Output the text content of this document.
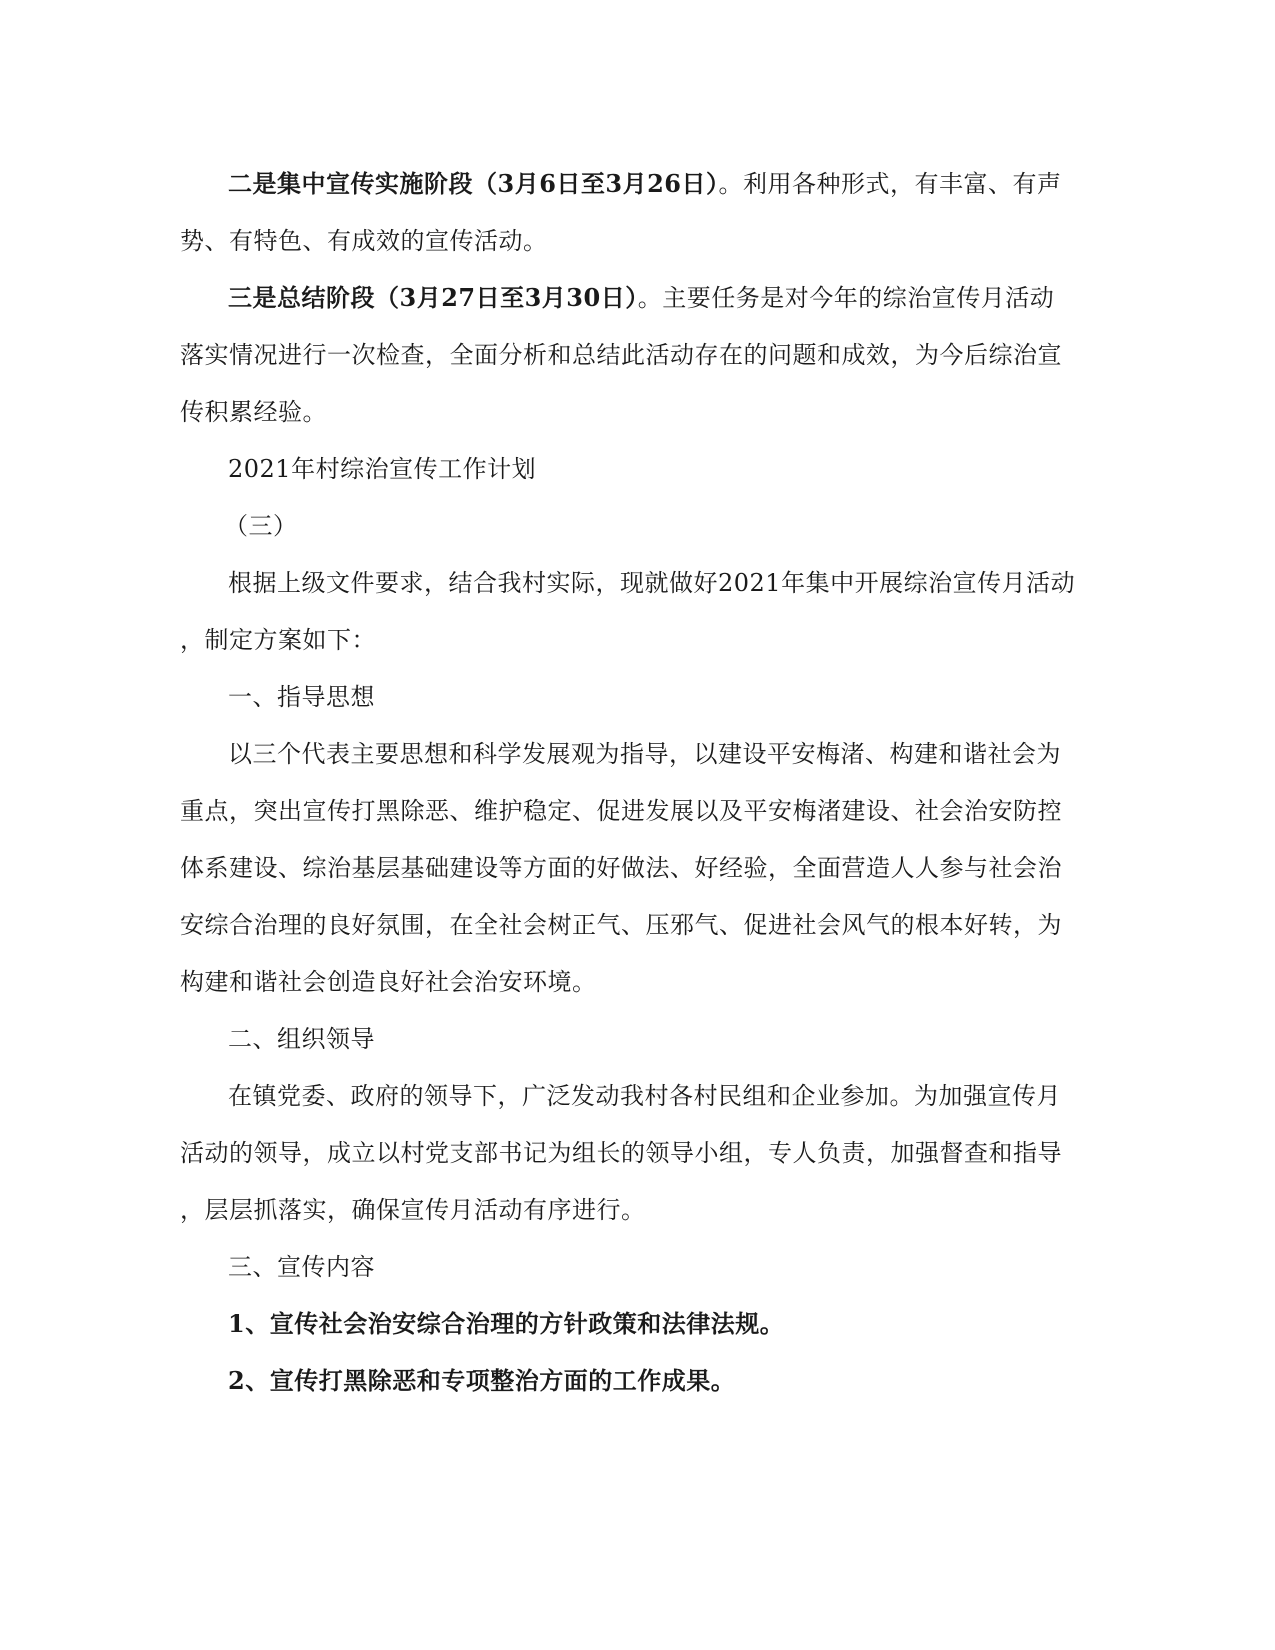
二是集中宣传实施阶段（3月6日至3月26日）。利用各种形式，有丰富、有声
势、有特色、有成效的宣传活动。
三是总结阶段（3月27日至3月30日）。主要任务是对今年的综治宣传月活动
落实情况进行一次检查，全面分析和总结此活动存在的问题和成效，为今后综治宣
传积累经验。
2021年村综治宣传工作计划
（三）
根据上级文件要求，结合我村实际，现就做好2021年集中开展综治宣传月活动
，制定方案如下：
一、指导思想
以三个代表主要思想和科学发展观为指导，以建设平安梅渚、构建和谐社会为
重点，突出宣传打黑除恶、维护稳定、促进发展以及平安梅渚建设、社会治安防控
体系建设、综治基层基础建设等方面的好做法、好经验，全面营造人人参与社会治
安综合治理的良好氛围，在全社会树正气、压邪气、促进社会风气的根本好转，为
构建和谐社会创造良好社会治安环境。
二、组织领导
在镇党委、政府的领导下，广泛发动我村各村民组和企业参加。为加强宣传月
活动的领导，成立以村党支部书记为组长的领导小组，专人负责，加强督查和指导
，层层抓落实，确保宣传月活动有序进行。
三、宣传内容
1、宣传社会治安综合治理的方针政策和法律法规。
2、宣传打黑除恶和专项整治方面的工作成果。
